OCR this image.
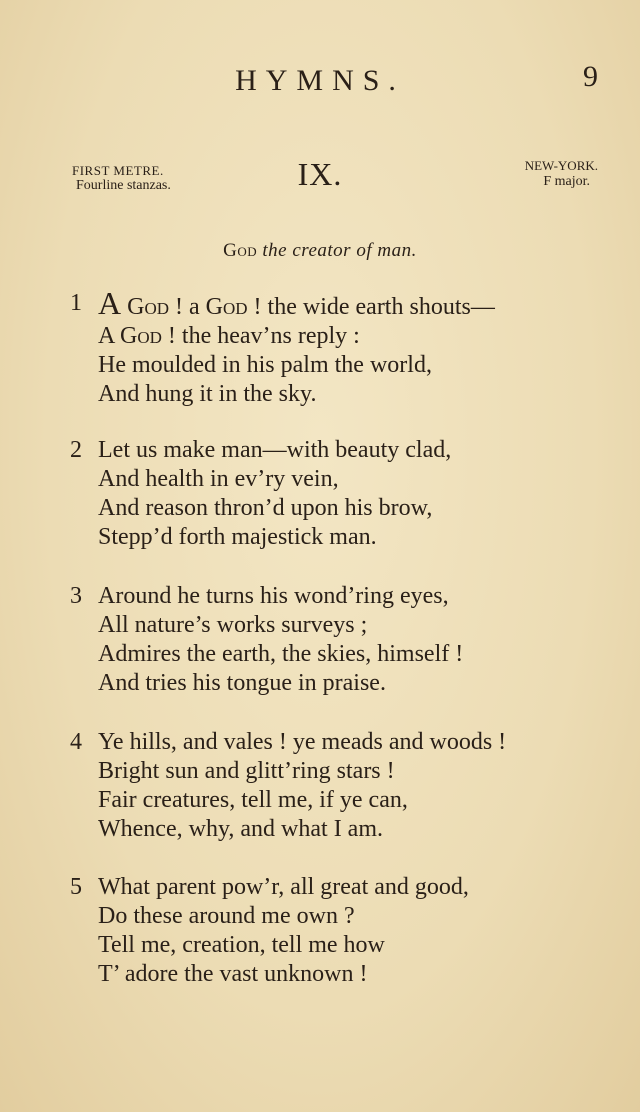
HYMNS.	9

FIRST METRE.
Fourline stanzas.	IX.	NEW-YORK.
F major.
God the creator of man.
1 A God ! a God ! the wide earth shouts—
A God ! the heav’ns reply :
He moulded in his palm the world,
And hung it in the sky.
2 Let us make man—with beauty clad,
And health in ev’ry vein,
And reason thron’d upon his brow,
Stepp’d forth majestick man.
3 Around he turns his wond’ring eyes,
All nature’s works surveys ;
Admires the earth, the skies, himself !
And tries his tongue in praise.
4 Ye hills, and vales ! ye meads and woods !
Bright sun and glitt’ring stars !
Fair creatures, tell me, if ye can,
Whence, why, and what I am.
5 What parent pow’r, all great and good,
Do these around me own ?
Tell me, creation, tell me how
T’ adore the vast unknown !
